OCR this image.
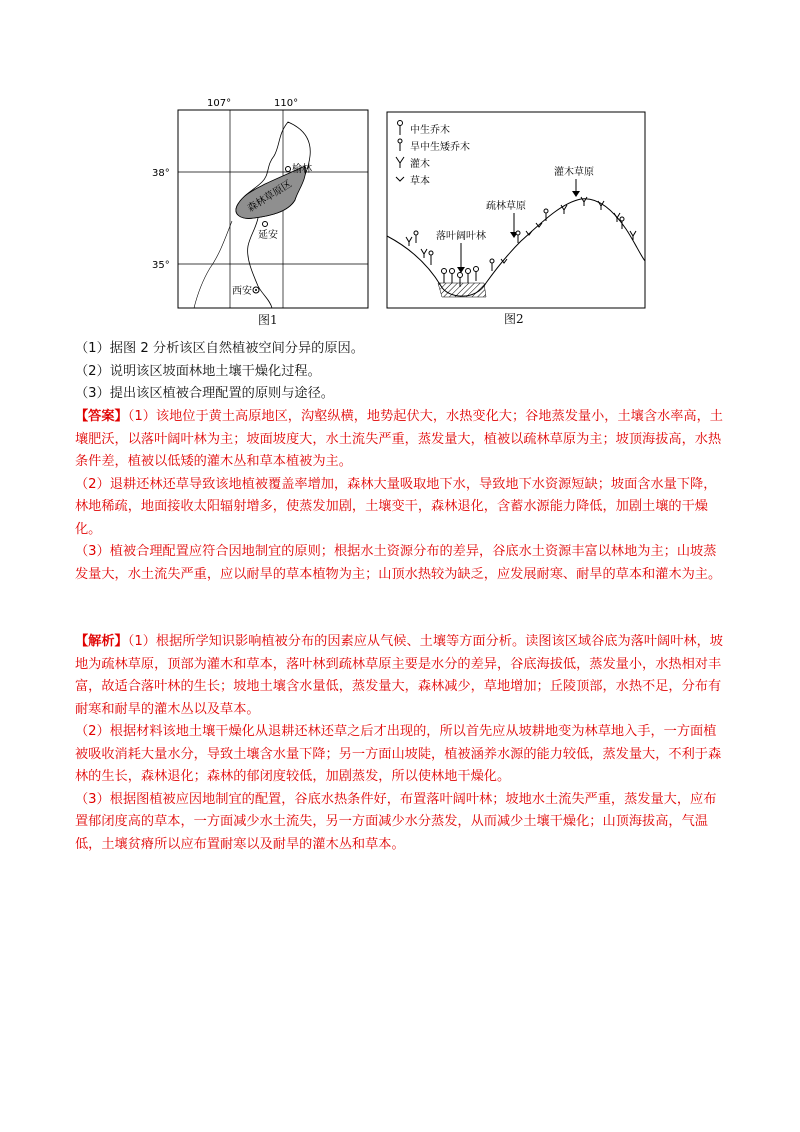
107°	110°
38°
35°
榆林
延安
西安
森林草原区
图1
中生乔木
旱中生矮乔木
灌木
草本
灌木草原
疏林草原
落叶阔叶林
图2

（1）据图 2 分析该区自然植被空间分异的原因。

（2）说明该区坡面林地土壤干燥化过程。

（3）提出该区植被合理配置的原则与途径。

【答案】（1）该地位于黄土高原地区，沟壑纵横，地势起伏大，水热变化大；谷地蒸发量小，土壤含水率高，土壤肥沃，以落叶阔叶林为主；坡面坡度大，水土流失严重，蒸发量大，植被以疏林草原为主；坡顶海拔高，水热条件差，植被以低矮的灌木丛和草本植被为主。

（2）退耕还林还草导致该地植被覆盖率增加，森林大量吸取地下水，导致地下水资源短缺；坡面含水量下降，林地稀疏，地面接收太阳辐射增多，使蒸发加剧，土壤变干，森林退化，含蓄水源能力降低，加剧土壤的干燥化。

（3）植被合理配置应符合因地制宜的原则；根据水土资源分布的差异，谷底水土资源丰富以林地为主；山坡蒸发量大，水土流失严重，应以耐旱的草本植物为主；山顶水热较为缺乏，应发展耐寒、耐旱的草本和灌木为主。

【解析】（1）根据所学知识影响植被分布的因素应从气候、土壤等方面分析。读图该区域谷底为落叶阔叶林，坡地为疏林草原，顶部为灌木和草本，落叶林到疏林草原主要是水分的差异，谷底海拔低，蒸发量小，水热相对丰富，故适合落叶林的生长；坡地土壤含水量低，蒸发量大，森林减少，草地增加；丘陵顶部，水热不足，分布有耐寒和耐旱的灌木丛以及草本。

（2）根据材料该地土壤干燥化从退耕还林还草之后才出现的，所以首先应从坡耕地变为林草地入手，一方面植被吸收消耗大量水分，导致土壤含水量下降；另一方面山坡陡，植被涵养水源的能力较低，蒸发量大，不利于森林的生长，森林退化；森林的郁闭度较低，加剧蒸发，所以使林地干燥化。

（3）根据图植被应因地制宜的配置，谷底水热条件好，布置落叶阔叶林；坡地水土流失严重，蒸发量大，应布置郁闭度高的草本，一方面减少水土流失，另一方面减少水分蒸发，从而减少土壤干燥化；山顶海拔高，气温低，土壤贫瘠所以应布置耐寒以及耐旱的灌木丛和草本。
